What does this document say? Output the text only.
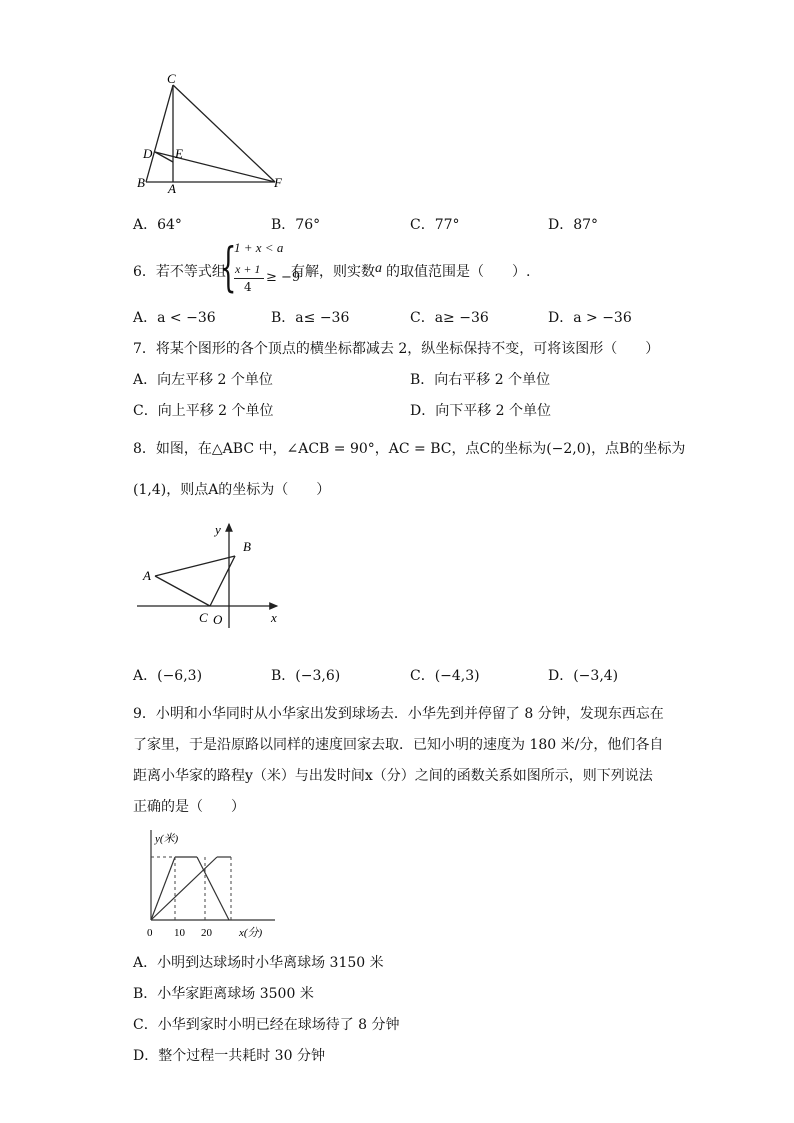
C
D E
B A	F
A．64°	B．76°	C．77°	D．87°
6．若不等式组
{
1 + x < a
x + 1
4
≥ −9
有解，则实数 a 的取值范围是（　　）.
A．a < −36	B．a≤ −36	C．a≥ −36	D．a > −36
7．将某个图形的各个顶点的横坐标都减去 2，纵坐标保持不变，可将该图形（　　）
A．向左平移 2 个单位	B．向右平移 2 个单位
C．向上平移 2 个单位	D．向下平移 2 个单位
8．如图，在△ABC 中，∠ACB = 90°，AC = BC，点C的坐标为(−2,0)，点B的坐标为
(1,4)，则点A的坐标为（　　）
y
x
A
B
C O
A．(−6,3)	B．(−3,6)	C．(−4,3)	D．(−3,4)
9．小明和小华同时从小华家出发到球场去．小华先到并停留了 8 分钟，发现东西忘在
了家里，于是沿原路以同样的速度回家去取．已知小明的速度为 180 米/分，他们各自
距离小华家的路程y（米）与出发时间x（分）之间的函数关系如图所示，则下列说法
正确的是（　　）
y(米)
x(分)
0 10 20
A．小明到达球场时小华离球场 3150 米
B．小华家距离球场 3500 米
C．小华到家时小明已经在球场待了 8 分钟
D．整个过程一共耗时 30 分钟
